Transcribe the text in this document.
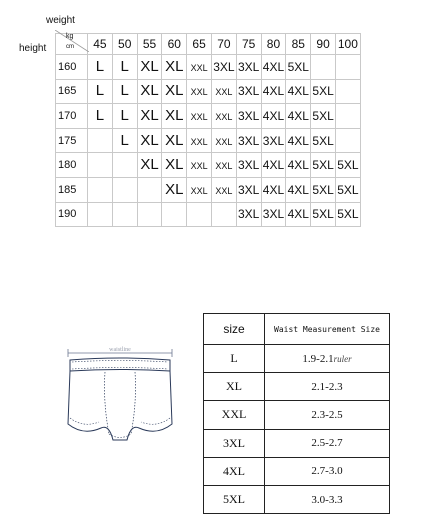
weight
height
		45	50	55	60	65	70	75	80	85	90	100
160	L	L	XL	XL	XXL	3XL	3XL	4XL	5XL		
165	L	L	XL	XL	XXL	XXL	3XL	4XL	4XL	5XL	
170	L	L	XL	XL	XXL	XXL	3XL	4XL	4XL	5XL	
175		L	XL	XL	XXL	XXL	3XL	3XL	4XL	5XL	
180			XL	XL	XXL	XXL	3XL	4XL	4XL	5XL	5XL
185				XL	XXL	XXL	3XL	4XL	4XL	5XL	5XL
190							3XL	3XL	4XL	5XL	5XL
kg
cm
waistline
size	Waist Measurement Size
L	1.9-2.1ruler
XL	2.1-2.3
XXL	2.3-2.5
3XL	2.5-2.7
4XL	2.7-3.0
5XL	3.0-3.3
